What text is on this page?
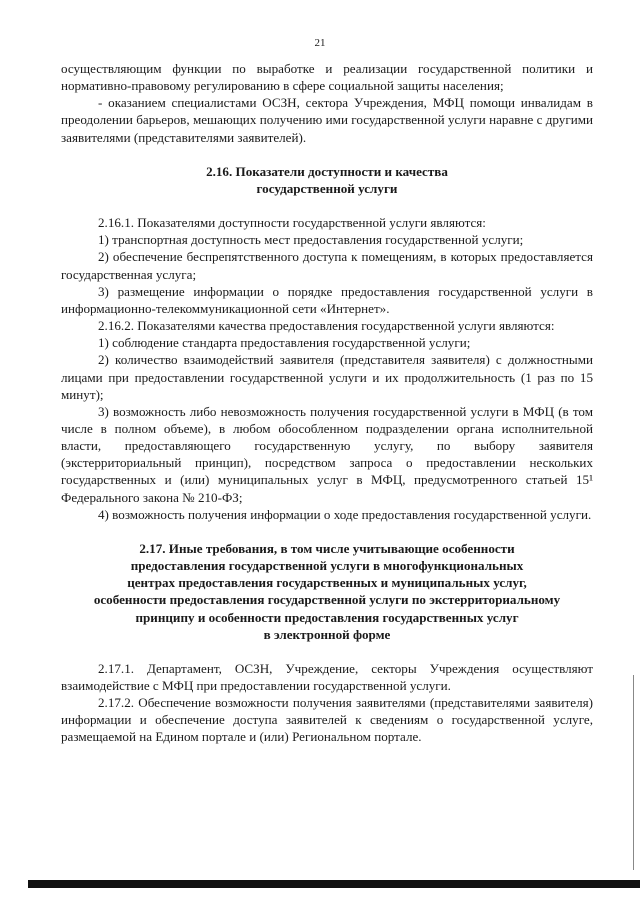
21

осуществляющим функции по выработке и реализации государственной политики и нормативно-правовому регулированию в сфере социальной защиты населения;

- оказанием специалистами ОСЗН, сектора Учреждения, МФЦ помощи инвалидам в преодолении барьеров, мешающих получению ими государственной услуги наравне с другими заявителями (представителями заявителей).

2.16. Показатели доступности и качества
государственной услуги

2.16.1. Показателями доступности государственной услуги являются:

1) транспортная доступность мест предоставления государственной услуги;

2) обеспечение беспрепятственного доступа к помещениям, в которых предоставляется государственная услуга;

3) размещение информации о порядке предоставления государственной услуги в информационно-телекоммуникационной сети «Интернет».

2.16.2. Показателями качества предоставления государственной услуги являются:

1) соблюдение стандарта предоставления государственной услуги;

2) количество взаимодействий заявителя (представителя заявителя) с должностными лицами при предоставлении государственной услуги и их продолжительность (1 раз по 15 минут);

3) возможность либо невозможность получения государственной услуги в МФЦ (в том числе в полном объеме), в любом обособленном подразделении органа исполнительной власти, предоставляющего государственную услугу, по выбору заявителя (экстерриториальный принцип), посредством запроса о предоставлении нескольких государственных и (или) муниципальных услуг в МФЦ, предусмотренного статьей 15¹ Федерального закона № 210-ФЗ;

4) возможность получения информации о ходе предоставления государственной услуги.

2.17. Иные требования, в том числе учитывающие особенности
предоставления государственной услуги в многофункциональных
центрах предоставления государственных и муниципальных услуг,
особенности предоставления государственной услуги по экстерриториальному
принципу и особенности предоставления государственных услуг
в электронной форме

2.17.1. Департамент, ОСЗН, Учреждение, секторы Учреждения осуществляют взаимодействие с МФЦ при предоставлении государственной услуги.

2.17.2. Обеспечение возможности получения заявителями (представителями заявителя) информации и обеспечение доступа заявителей к сведениям о государственной услуге, размещаемой на Едином портале и (или) Региональном портале.
